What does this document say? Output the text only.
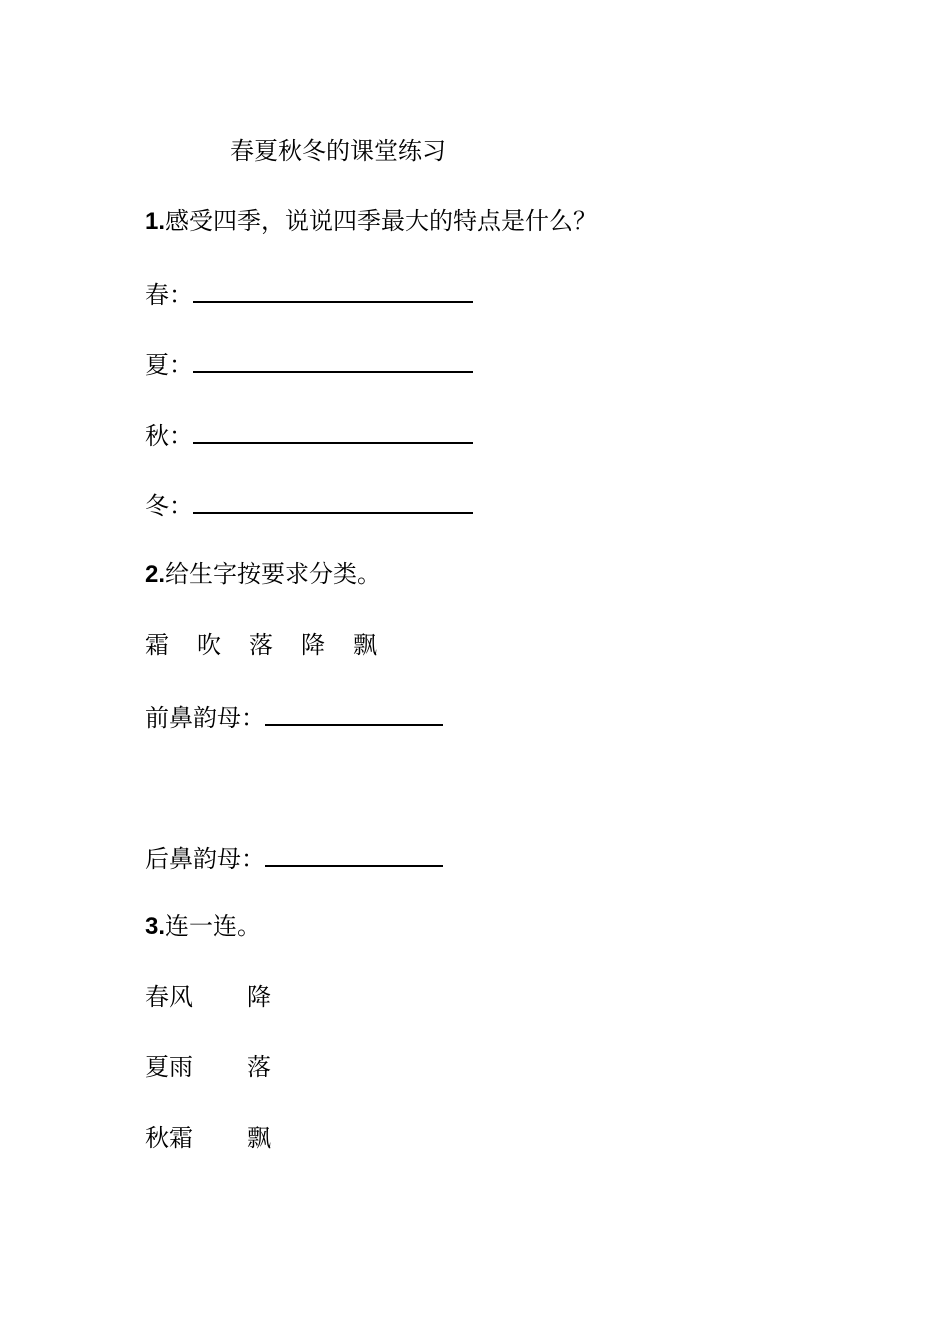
春夏秋冬的课堂练习
1.感受四季，说说四季最大的特点是什么？
春：
夏：
秋：
冬：
2.给生字按要求分类。
霜 吹 落 降 飘
前鼻韵母：
后鼻韵母：
3.连一连。
春风 降
夏雨 落
秋霜 飘
